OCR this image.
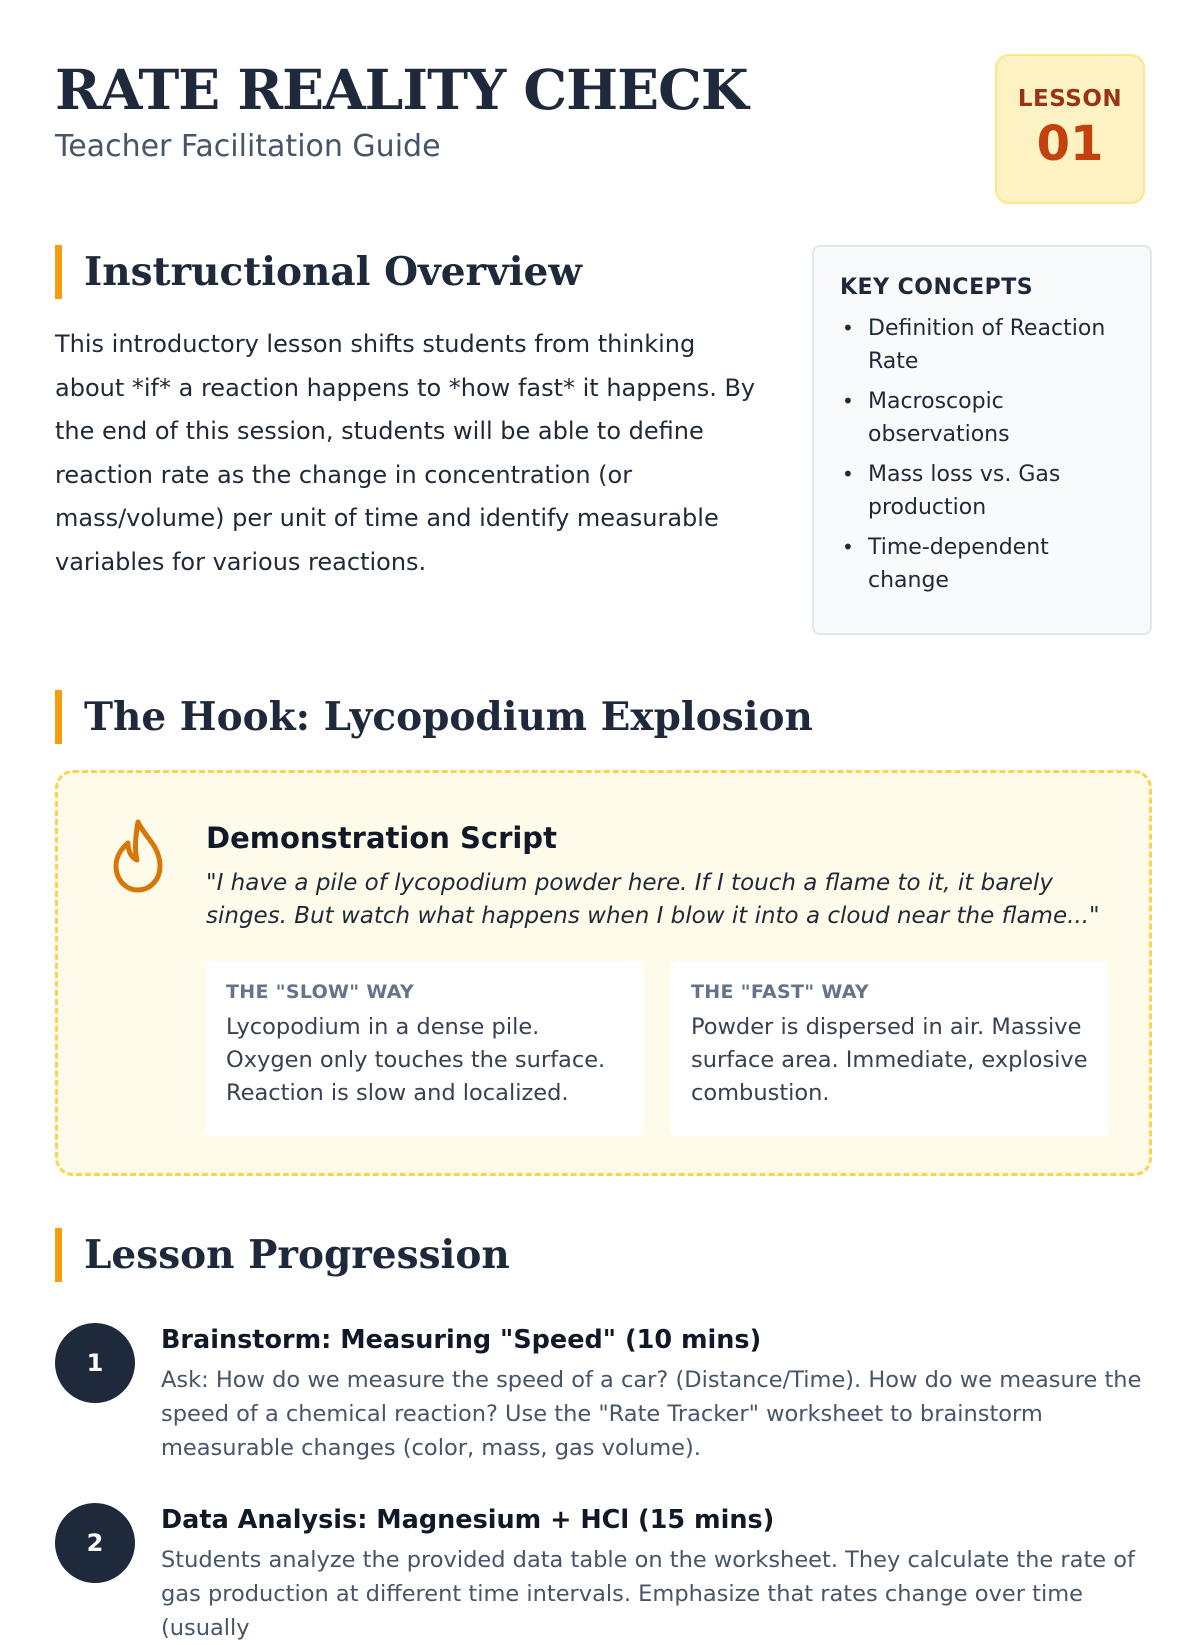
RATE REALITY CHECK
Teacher Facilitation Guide
LESSON
01
Instructional Overview

This introductory lesson shifts students from thinking about *if* a reaction happens to *how fast* it happens. By the end of this session, students will be able to define reaction rate as the change in concentration (or mass/volume) per unit of time and identify measurable variables for various reactions.

KEY CONCEPTS
• Definition of Reaction Rate
• Macroscopic observations
• Mass loss vs. Gas production
• Time-dependent change
The Hook: Lycopodium Explosion
Demonstration Script
"I have a pile of lycopodium powder here. If I touch a flame to it, it barely singes. But watch what happens when I blow it into a cloud near the flame..."
THE "SLOW" WAY
Lycopodium in a dense pile. Oxygen only touches the surface. Reaction is slow and localized.
THE "FAST" WAY
Powder is dispersed in air. Massive surface area. Immediate, explosive combustion.
Lesson Progression
1
Brainstorm: Measuring "Speed" (10 mins)
Ask: How do we measure the speed of a car? (Distance/Time). How do we measure the speed of a chemical reaction? Use the "Rate Tracker" worksheet to brainstorm measurable changes (color, mass, gas volume).
2
Data Analysis: Magnesium + HCl (15 mins)
Students analyze the provided data table on the worksheet. They calculate the rate of gas production at different time intervals. Emphasize that rates change over time (usually
